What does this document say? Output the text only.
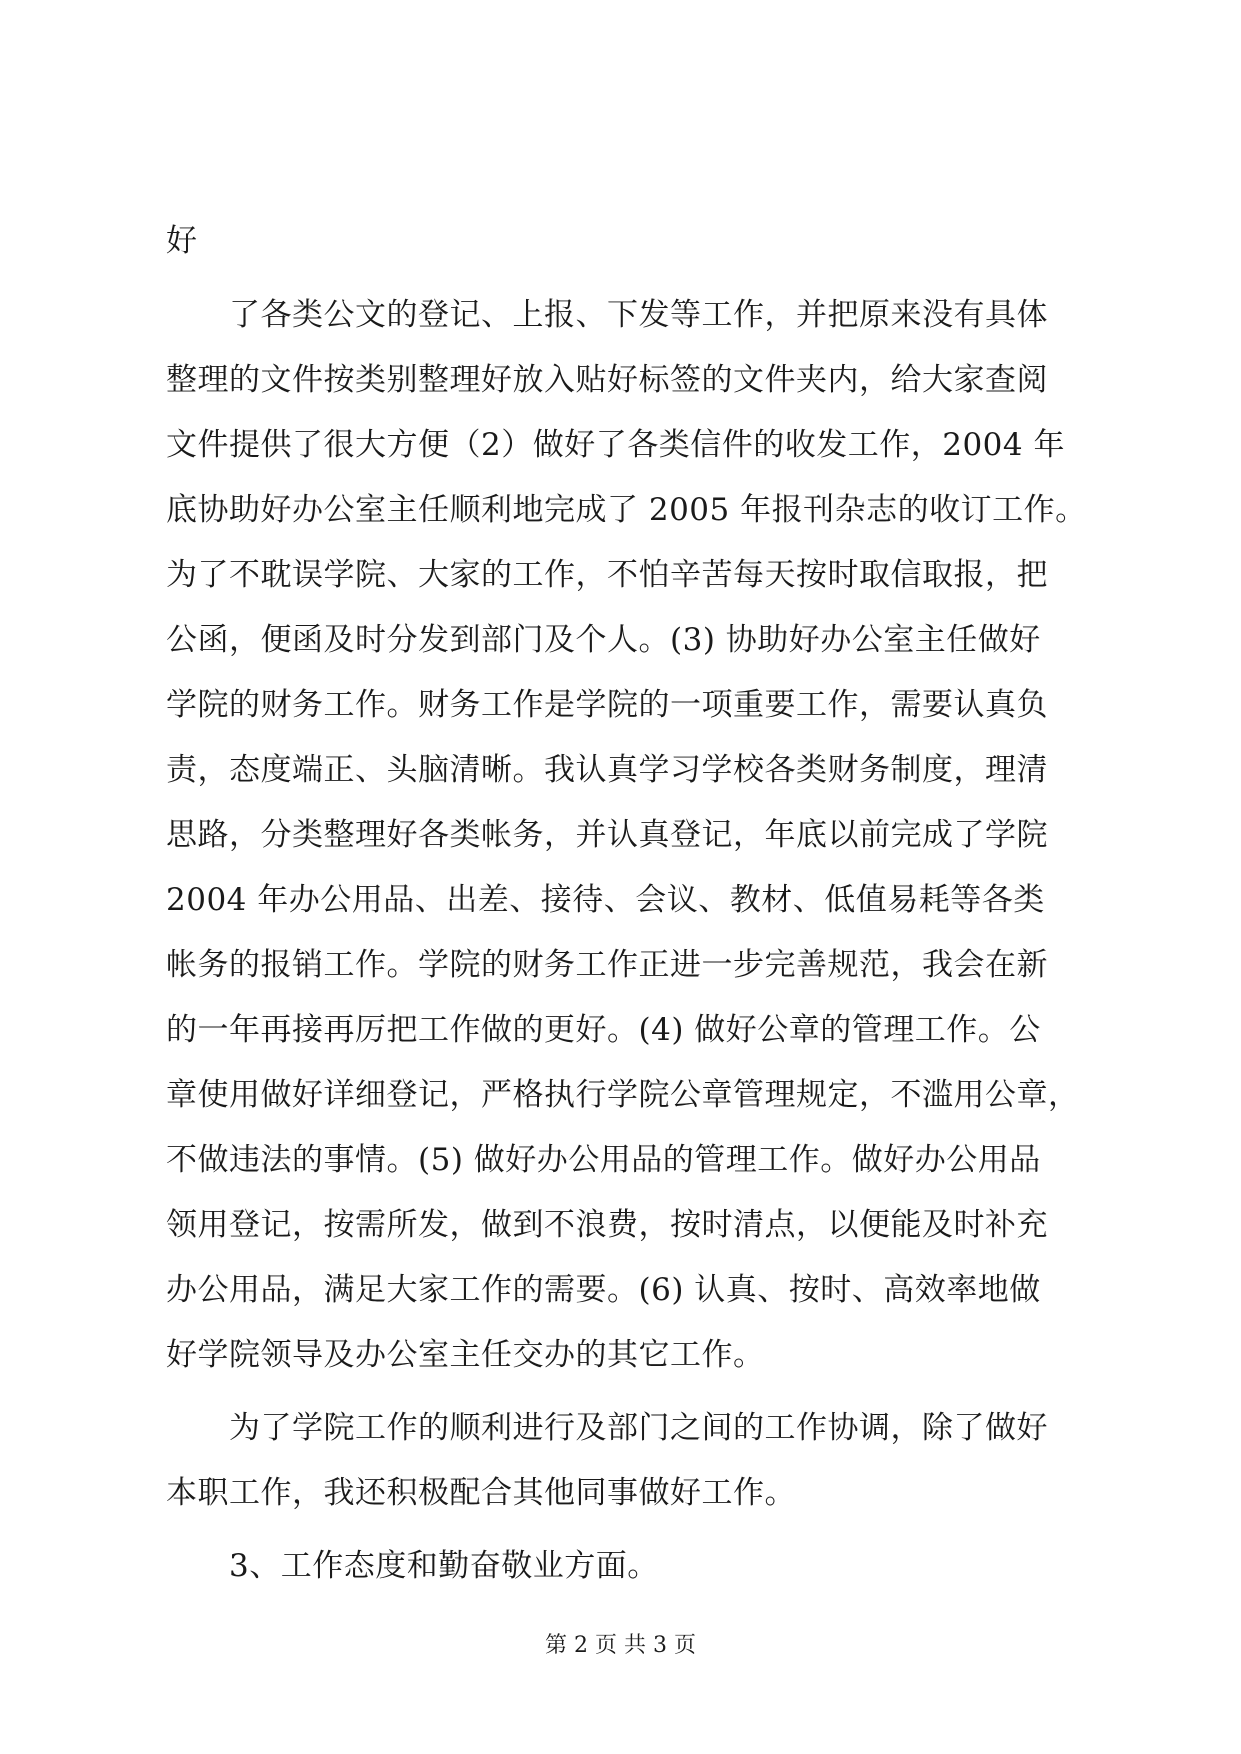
好

　　了各类公文的登记、上报、下发等工作，并把原来没有具体

整理的文件按类别整理好放入贴好标签的文件夹内，给大家查阅

文件提供了很大方便（2）做好了各类信件的收发工作，2004 年

底协助好办公室主任顺利地完成了 2005 年报刊杂志的收订工作。

为了不耽误学院、大家的工作，不怕辛苦每天按时取信取报，把

公函，便函及时分发到部门及个人。(3) 协助好办公室主任做好

学院的财务工作。财务工作是学院的一项重要工作，需要认真负

责，态度端正、头脑清晰。我认真学习学校各类财务制度，理清

思路，分类整理好各类帐务，并认真登记，年底以前完成了学院

2004 年办公用品、出差、接待、会议、教材、低值易耗等各类

帐务的报销工作。学院的财务工作正进一步完善规范，我会在新

的一年再接再厉把工作做的更好。(4) 做好公章的管理工作。公

章使用做好详细登记，严格执行学院公章管理规定，不滥用公章，

不做违法的事情。(5) 做好办公用品的管理工作。做好办公用品

领用登记，按需所发，做到不浪费，按时清点，以便能及时补充

办公用品，满足大家工作的需要。(6) 认真、按时、高效率地做

好学院领导及办公室主任交办的其它工作。

　　为了学院工作的顺利进行及部门之间的工作协调，除了做好

本职工作，我还积极配合其他同事做好工作。

　　3、工作态度和勤奋敬业方面。

第 2 页 共 3 页
